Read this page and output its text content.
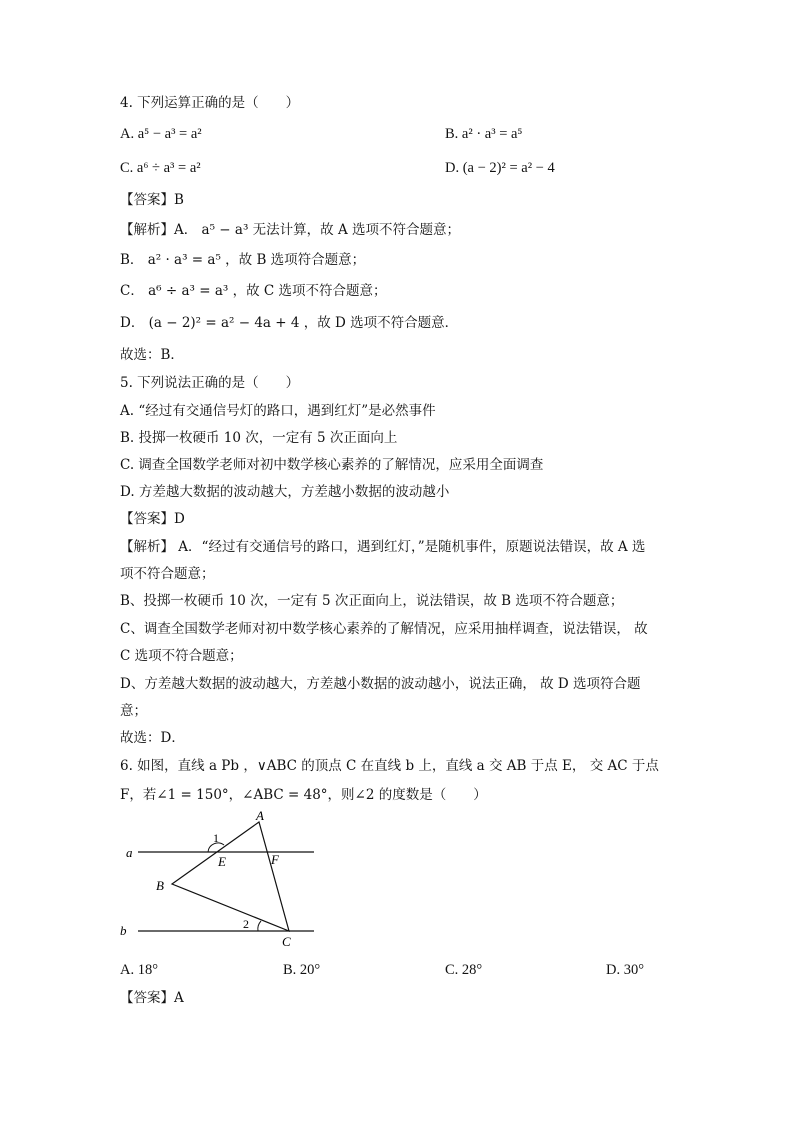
4. 下列运算正确的是（　　）
A. a⁵ − a³ = a²	B. a² · a³ = a⁵
C. a⁶ ÷ a³ = a²	D. (a − 2)² = a² − 4
【答案】B
【解析】A． a⁵ − a³ 无法计算，故 A 选项不符合题意；
B． a² · a³ = a⁵ ，故 B 选项符合题意；
C． a⁶ ÷ a³ = a³ ，故 C 选项不符合题意；
D． (a − 2)² = a² − 4a + 4 ，故 D 选项不符合题意．
故选：B．
5. 下列说法正确的是（　　）
A. “经过有交通信号灯的路口，遇到红灯”是必然事件
B. 投掷一枚硬币 10 次，一定有 5 次正面向上
C. 调查全国数学老师对初中数学核心素养的了解情况，应采用全面调查
D. 方差越大数据的波动越大，方差越小数据的波动越小
【答案】D
【解析】 A．“经过有交通信号的路口，遇到红灯，”是随机事件，原题说法错误，故 A 选
项不符合题意；
B、投掷一枚硬币 10 次，一定有 5 次正面向上，说法错误，故 B 选项不符合题意；
C、调查全国数学老师对初中数学核心素养的了解情况，应采用抽样调查，说法错误， 故
C 选项不符合题意；
D、方差越大数据的波动越大，方差越小数据的波动越小，说法正确， 故 D 选项符合题
意；
故选：D．
6. 如图，直线 a Pb ，∨ABC 的顶点 C 在直线 b 上，直线 a 交 AB 于点 E， 交 AC 于点
F，若∠1 = 150°，∠ABC = 48°，则∠2 的度数是（　　）
A
B
C
E	F
a
b
1
2
A. 18°	B. 20°	C. 28°	D. 30°
【答案】A
